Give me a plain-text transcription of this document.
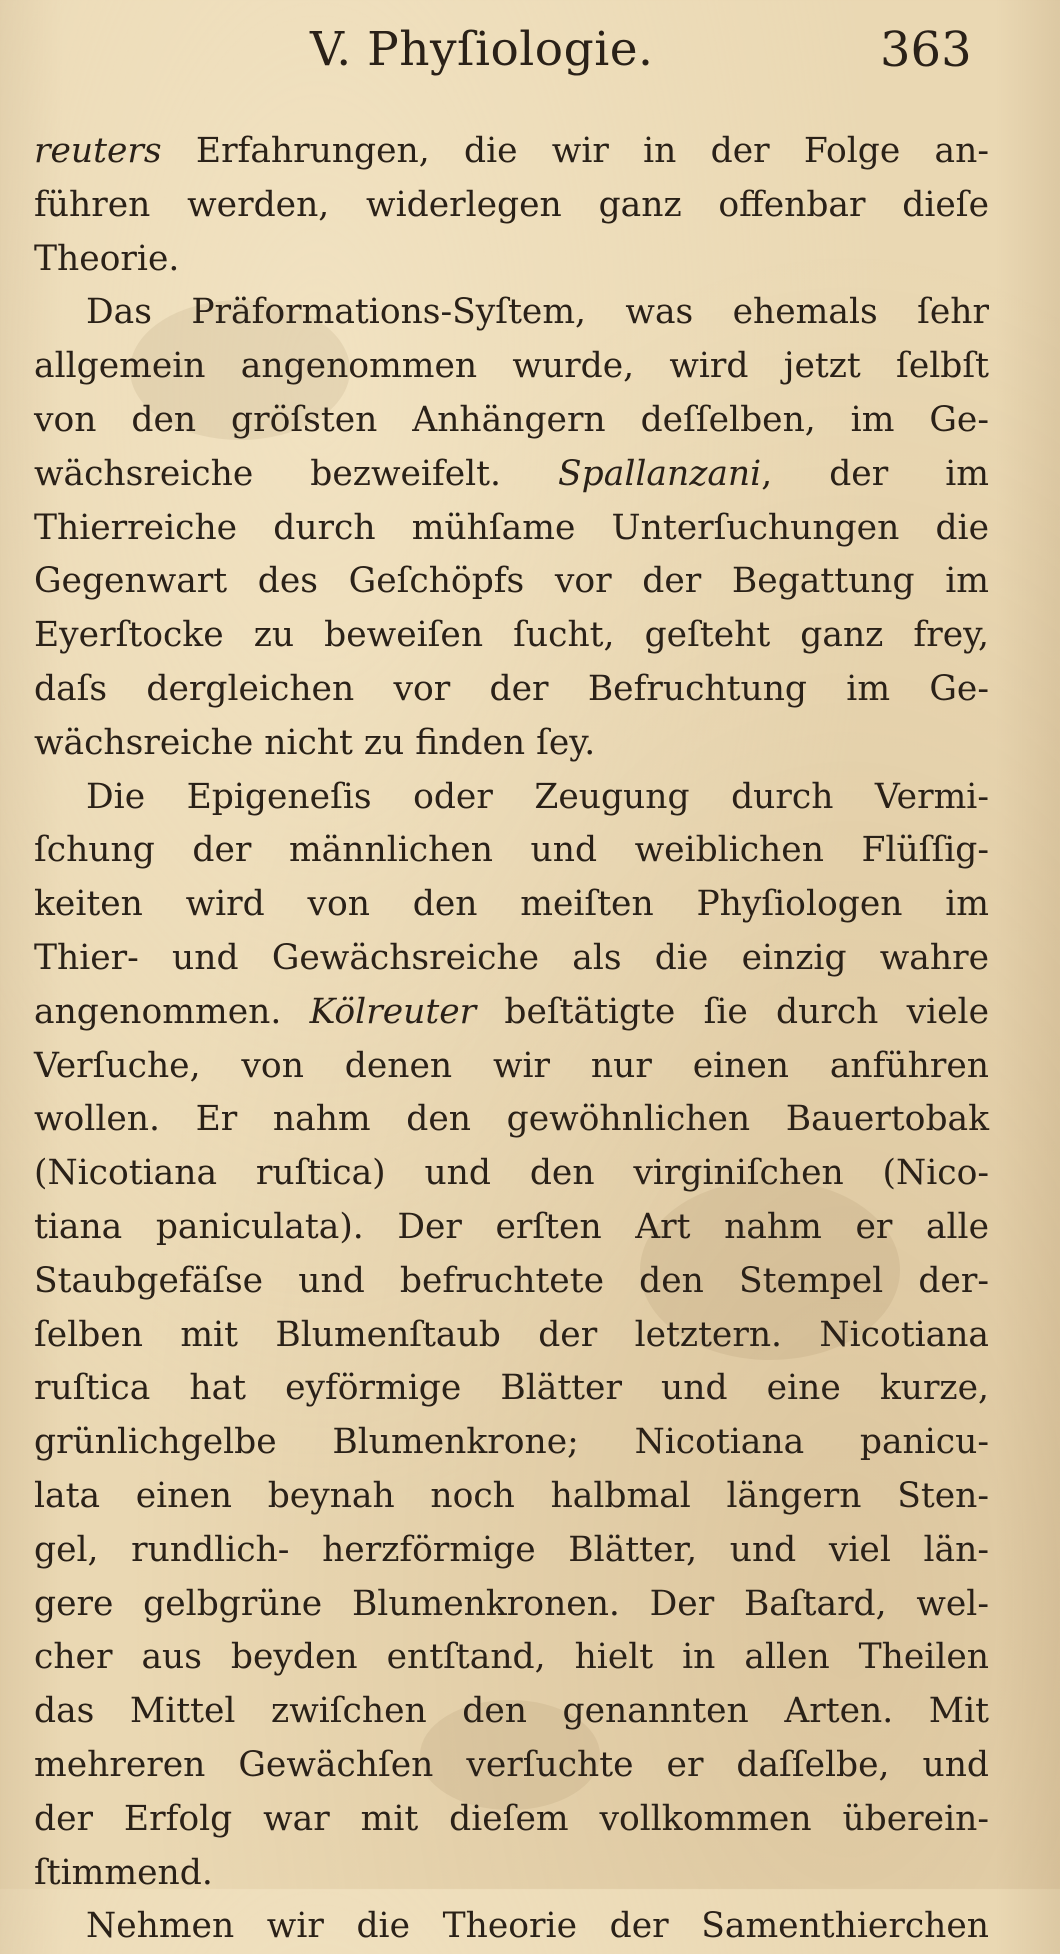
V. Phyſiologie.	363
reuters Erfahrungen, die wir in der Folge an-
führen werden, widerlegen ganz offenbar dieſe
Theorie.
Das Präformations-Syſtem, was ehemals ſehr
allgemein angenommen wurde, wird jetzt ſelbſt
von den gröſsten Anhängern deſſelben, im Ge-
wächsreiche bezweifelt. Spallanzani, der im
Thierreiche durch mühſame Unterſuchungen die
Gegenwart des Geſchöpfs vor der Begattung im
Eyerſtocke zu beweiſen ſucht, geſteht ganz frey,
daſs dergleichen vor der Befruchtung im Ge-
wächsreiche nicht zu finden ſey.
Die Epigeneſis oder Zeugung durch Vermi-
ſchung der männlichen und weiblichen Flüſſig-
keiten wird von den meiſten Phyſiologen im
Thier- und Gewächsreiche als die einzig wahre
angenommen. Kölreuter beſtätigte ſie durch viele
Verſuche, von denen wir nur einen anführen
wollen. Er nahm den gewöhnlichen Bauertobak
(Nicotiana ruſtica) und den virginiſchen (Nico-
tiana paniculata). Der erſten Art nahm er alle
Staubgefäſse und befruchtete den Stempel der-
ſelben mit Blumenſtaub der letztern. Nicotiana
ruſtica hat eyförmige Blätter und eine kurze,
grünlichgelbe Blumenkrone; Nicotiana panicu-
lata einen beynah noch halbmal längern Sten-
gel, rundlich- herzförmige Blätter, und viel län-
gere gelbgrüne Blumenkronen. Der Baſtard, wel-
cher aus beyden entſtand, hielt in allen Theilen
das Mittel zwiſchen den genannten Arten. Mit
mehreren Gewächſen verſuchte er daſſelbe, und
der Erfolg war mit dieſem vollkommen überein-
ſtimmend.
Nehmen wir die Theorie der Samenthierchen
